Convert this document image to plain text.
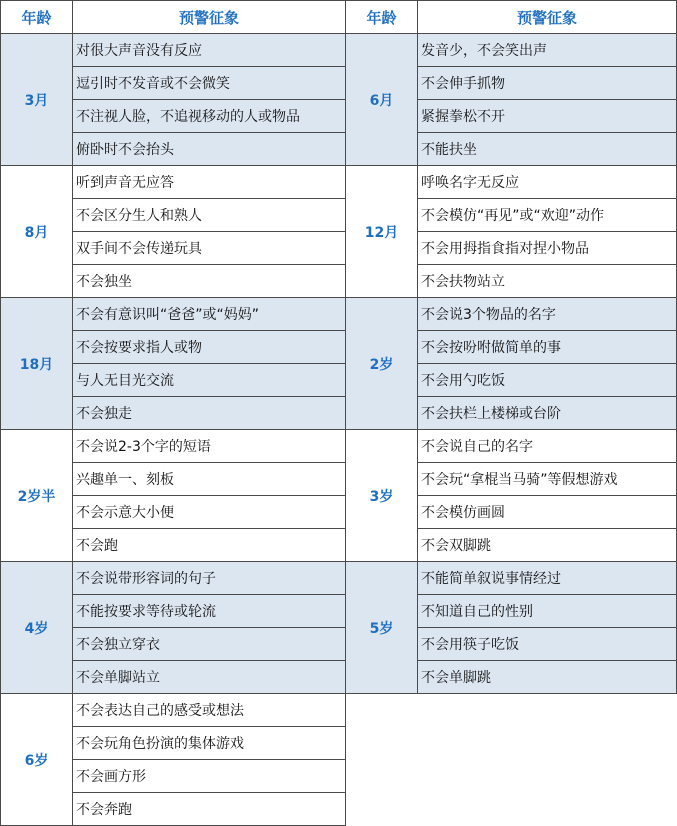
年龄	预警征象	年龄	预警征象
3月	对很大声音没有反应	6月	发音少，不会笑出声
	逗引时不发音或不会微笑		不会伸手抓物
	不注视人脸，不追视移动的人或物品		紧握拳松不开
	俯卧时不会抬头		不能扶坐
8月	听到声音无应答	12月	呼唤名字无反应
	不会区分生人和熟人		不会模仿“再见”或“欢迎”动作
	双手间不会传递玩具		不会用拇指食指对捏小物品
	不会独坐		不会扶物站立
18月	不会有意识叫“爸爸”或“妈妈”	2岁	不会说3个物品的名字
	不会按要求指人或物		不会按吩咐做简单的事
	与人无目光交流		不会用勺吃饭
	不会独走		不会扶栏上楼梯或台阶
2岁半	不会说2-3个字的短语	3岁	不会说自己的名字
	兴趣单一、刻板		不会玩“拿棍当马骑”等假想游戏
	不会示意大小便		不会模仿画圆
	不会跑		不会双脚跳
4岁	不会说带形容词的句子	5岁	不能简单叙说事情经过
	不能按要求等待或轮流		不知道自己的性别
	不会独立穿衣		不会用筷子吃饭
	不会单脚站立		不会单脚跳
6岁	不会表达自己的感受或想法		
	不会玩角色扮演的集体游戏		
	不会画方形		
	不会奔跑		
